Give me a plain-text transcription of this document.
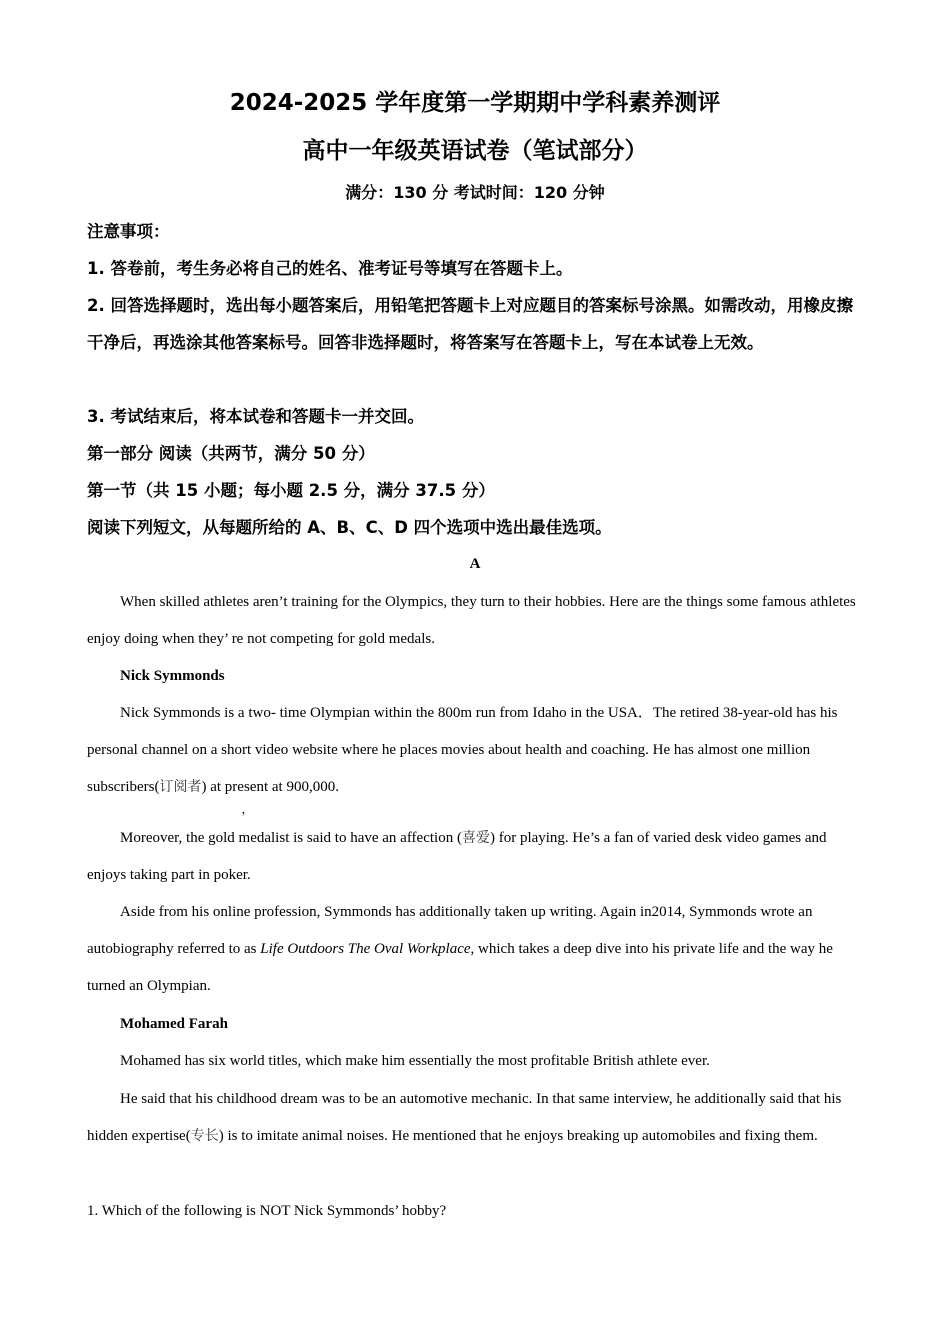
2024-2025 学年度第一学期期中学科素养测评
高中一年级英语试卷（笔试部分）
满分：130 分 考试时间：120 分钟
注意事项：
1. 答卷前，考生务必将自己的姓名、准考证号等填写在答题卡上。
2. 回答选择题时，选出每小题答案后，用铅笔把答题卡上对应题目的答案标号涂黑。如需改动，用橡皮擦干净后，再选涂其他答案标号。回答非选择题时，将答案写在答题卡上，写在本试卷上无效。
3. 考试结束后，将本试卷和答题卡一并交回。
第一部分 阅读（共两节，满分 50 分）
第一节（共 15 小题；每小题 2.5 分，满分 37.5 分）
阅读下列短文，从每题所给的 A、B、C、D 四个选项中选出最佳选项。
A
When skilled athletes aren’t training for the Olympics, they turn to their hobbies. Here are the things some famous athletes enjoy doing when they’ re not competing for gold medals.
Nick Symmonds
Nick Symmonds is a two- time Olympian within the 800m run from Idaho in the USA．The retired 38-year-old has his personal channel on a short video website where he places movies about health and coaching. He has almost one million subscribers(订阅者)
，
at present at 900,000.
Moreover, the gold medalist is said to have an affection (喜爱) for playing. He’s a fan of varied desk video games and enjoys taking part in poker.
Aside from his online profession, Symmonds has additionally taken up writing. Again in2014, Symmonds wrote an autobiography referred to as Life Outdoors The Oval Workplace, which takes a deep dive into his private life and the way he turned an Olympian.
Mohamed Farah
Mohamed has six world titles, which make him essentially the most profitable British athlete ever.
He said that his childhood dream was to be an automotive mechanic. In that same interview, he additionally said that his hidden expertise(专长) is to imitate animal noises. He mentioned that he enjoys breaking up automobiles and fixing them.
1. Which of the following is NOT Nick Symmonds’ hobby?
